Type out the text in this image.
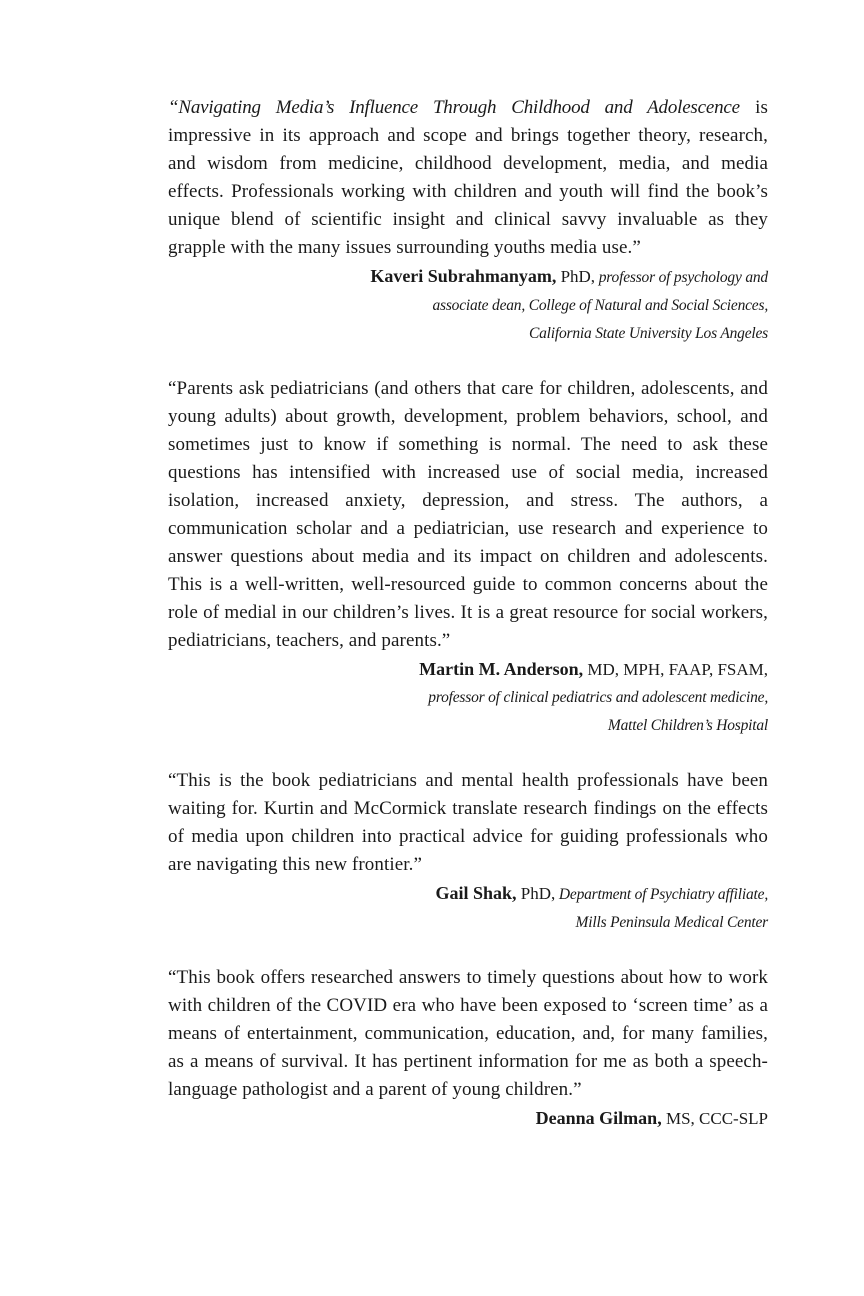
“Navigating Media’s Influence Through Childhood and Adolescence is impressive in its approach and scope and brings together theory, research, and wisdom from medicine, childhood development, media, and media effects. Professionals working with children and youth will find the book’s unique blend of scientific insight and clinical savvy invaluable as they grapple with the many issues surrounding youths media use.”

Kaveri Subrahmanyam, PhD, professor of psychology and
associate dean, College of Natural and Social Sciences,
California State University Los Angeles

“Parents ask pediatricians (and others that care for children, adolescents, and young adults) about growth, development, problem behaviors, school, and sometimes just to know if something is normal. The need to ask these questions has intensified with increased use of social media, increased isolation, increased anxiety, depression, and stress. The authors, a communication scholar and a pediatrician, use research and experience to answer questions about media and its impact on children and adolescents. This is a well-written, well-resourced guide to common concerns about the role of medial in our children’s lives. It is a great resource for social workers, pediatricians, teachers, and parents.”

Martin M. Anderson, MD, MPH, FAAP, FSAM,
professor of clinical pediatrics and adolescent medicine,
Mattel Children’s Hospital

“This is the book pediatricians and mental health professionals have been waiting for. Kurtin and McCormick translate research findings on the effects of media upon children into practical advice for guiding professionals who are navigating this new frontier.”

Gail Shak, PhD, Department of Psychiatry affiliate,
Mills Peninsula Medical Center

“This book offers researched answers to timely questions about how to work with children of the COVID era who have been exposed to ‘screen time’ as a means of entertainment, communication, education, and, for many families, as a means of survival. It has pertinent information for me as both a speech-language pathologist and a parent of young children.”

Deanna Gilman, MS, CCC-SLP
